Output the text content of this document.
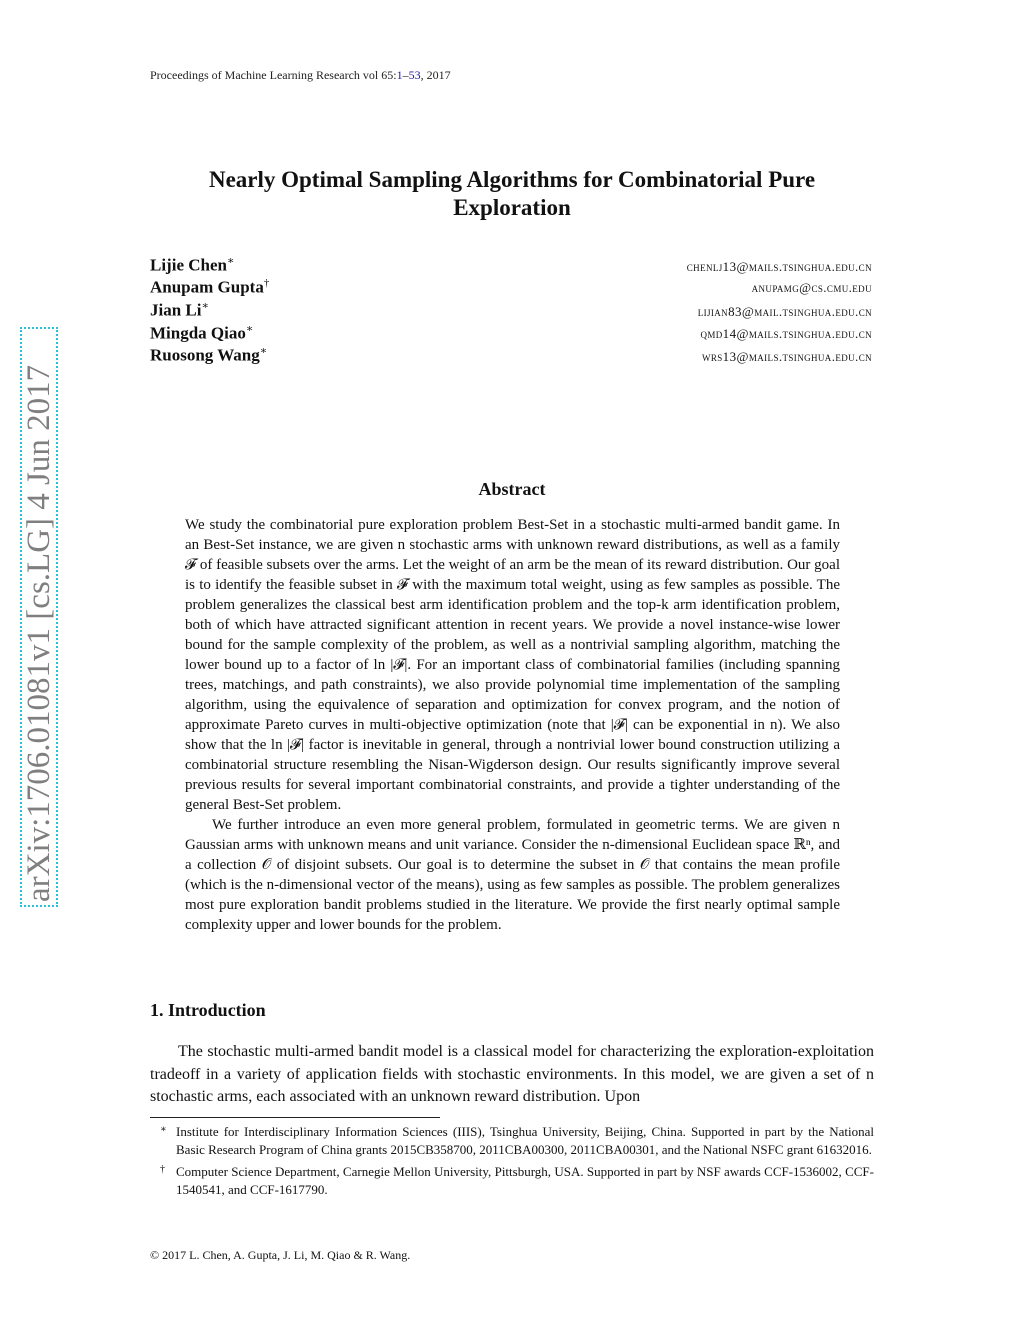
Proceedings of Machine Learning Research vol 65:1–53, 2017
arXiv:1706.01081v1 [cs.LG] 4 Jun 2017
Nearly Optimal Sampling Algorithms for Combinatorial Pure Exploration
Lijie Chen∗	chenlj13@mails.tsinghua.edu.cn
Anupam Gupta†	anupamg@cs.cmu.edu
Jian Li∗	lijian83@mail.tsinghua.edu.cn
Mingda Qiao∗	qmd14@mails.tsinghua.edu.cn
Ruosong Wang∗	wrs13@mails.tsinghua.edu.cn
Abstract

We study the combinatorial pure exploration problem Best-Set in a stochastic multi-armed bandit game. In an Best-Set instance, we are given n stochastic arms with unknown reward distributions, as well as a family 𝓕 of feasible subsets over the arms. Let the weight of an arm be the mean of its reward distribution. Our goal is to identify the feasible subset in 𝓕 with the maximum total weight, using as few samples as possible. The problem generalizes the classical best arm identification problem and the top-k arm identification problem, both of which have attracted significant attention in recent years. We provide a novel instance-wise lower bound for the sample complexity of the problem, as well as a nontrivial sampling algorithm, matching the lower bound up to a factor of ln |𝓕|. For an important class of combinatorial families (including spanning trees, matchings, and path constraints), we also provide polynomial time implementation of the sampling algorithm, using the equivalence of separation and optimization for convex program, and the notion of approximate Pareto curves in multi-objective optimization (note that |𝓕| can be exponential in n). We also show that the ln |𝓕| factor is inevitable in general, through a nontrivial lower bound construction utilizing a combinatorial structure resembling the Nisan-Wigderson design. Our results significantly improve several previous results for several important combinatorial constraints, and provide a tighter understanding of the general Best-Set problem.

We further introduce an even more general problem, formulated in geometric terms. We are given n Gaussian arms with unknown means and unit variance. Consider the n-dimensional Euclidean space ℝⁿ, and a collection 𝒪 of disjoint subsets. Our goal is to determine the subset in 𝒪 that contains the mean profile (which is the n-dimensional vector of the means), using as few samples as possible. The problem generalizes most pure exploration bandit problems studied in the literature. We provide the first nearly optimal sample complexity upper and lower bounds for the problem.

1. Introduction

The stochastic multi-armed bandit model is a classical model for characterizing the exploration-exploitation tradeoff in a variety of application fields with stochastic environments. In this model, we are given a set of n stochastic arms, each associated with an unknown reward distribution. Upon

∗ Institute for Interdisciplinary Information Sciences (IIIS), Tsinghua University, Beijing, China. Supported in part by the National Basic Research Program of China grants 2015CB358700, 2011CBA00300, 2011CBA00301, and the National NSFC grant 61632016.
† Computer Science Department, Carnegie Mellon University, Pittsburgh, USA. Supported in part by NSF awards CCF-1536002, CCF-1540541, and CCF-1617790.
© 2017 L. Chen, A. Gupta, J. Li, M. Qiao & R. Wang.
